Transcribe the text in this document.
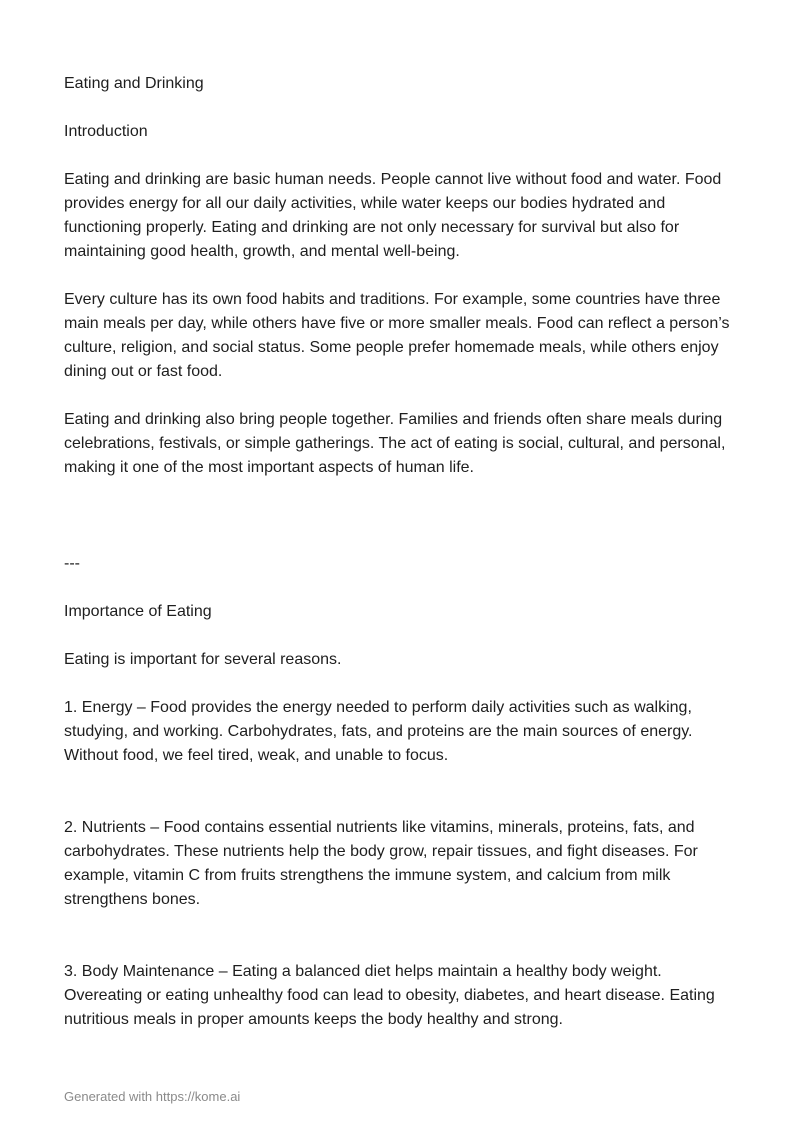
Eating and Drinking

Introduction

Eating and drinking are basic human needs. People cannot live without food and water. Food provides energy for all our daily activities, while water keeps our bodies hydrated and functioning properly. Eating and drinking are not only necessary for survival but also for maintaining good health, growth, and mental well-being.

Every culture has its own food habits and traditions. For example, some countries have three main meals per day, while others have five or more smaller meals. Food can reflect a person’s culture, religion, and social status. Some people prefer homemade meals, while others enjoy dining out or fast food.

Eating and drinking also bring people together. Families and friends often share meals during celebrations, festivals, or simple gatherings. The act of eating is social, cultural, and personal, making it one of the most important aspects of human life.

---

Importance of Eating

Eating is important for several reasons.

1. Energy – Food provides the energy needed to perform daily activities such as walking, studying, and working. Carbohydrates, fats, and proteins are the main sources of energy. Without food, we feel tired, weak, and unable to focus.

2. Nutrients – Food contains essential nutrients like vitamins, minerals, proteins, fats, and carbohydrates. These nutrients help the body grow, repair tissues, and fight diseases. For example, vitamin C from fruits strengthens the immune system, and calcium from milk strengthens bones.

3. Body Maintenance – Eating a balanced diet helps maintain a healthy body weight. Overeating or eating unhealthy food can lead to obesity, diabetes, and heart disease. Eating nutritious meals in proper amounts keeps the body healthy and strong.

Generated with https://kome.ai
